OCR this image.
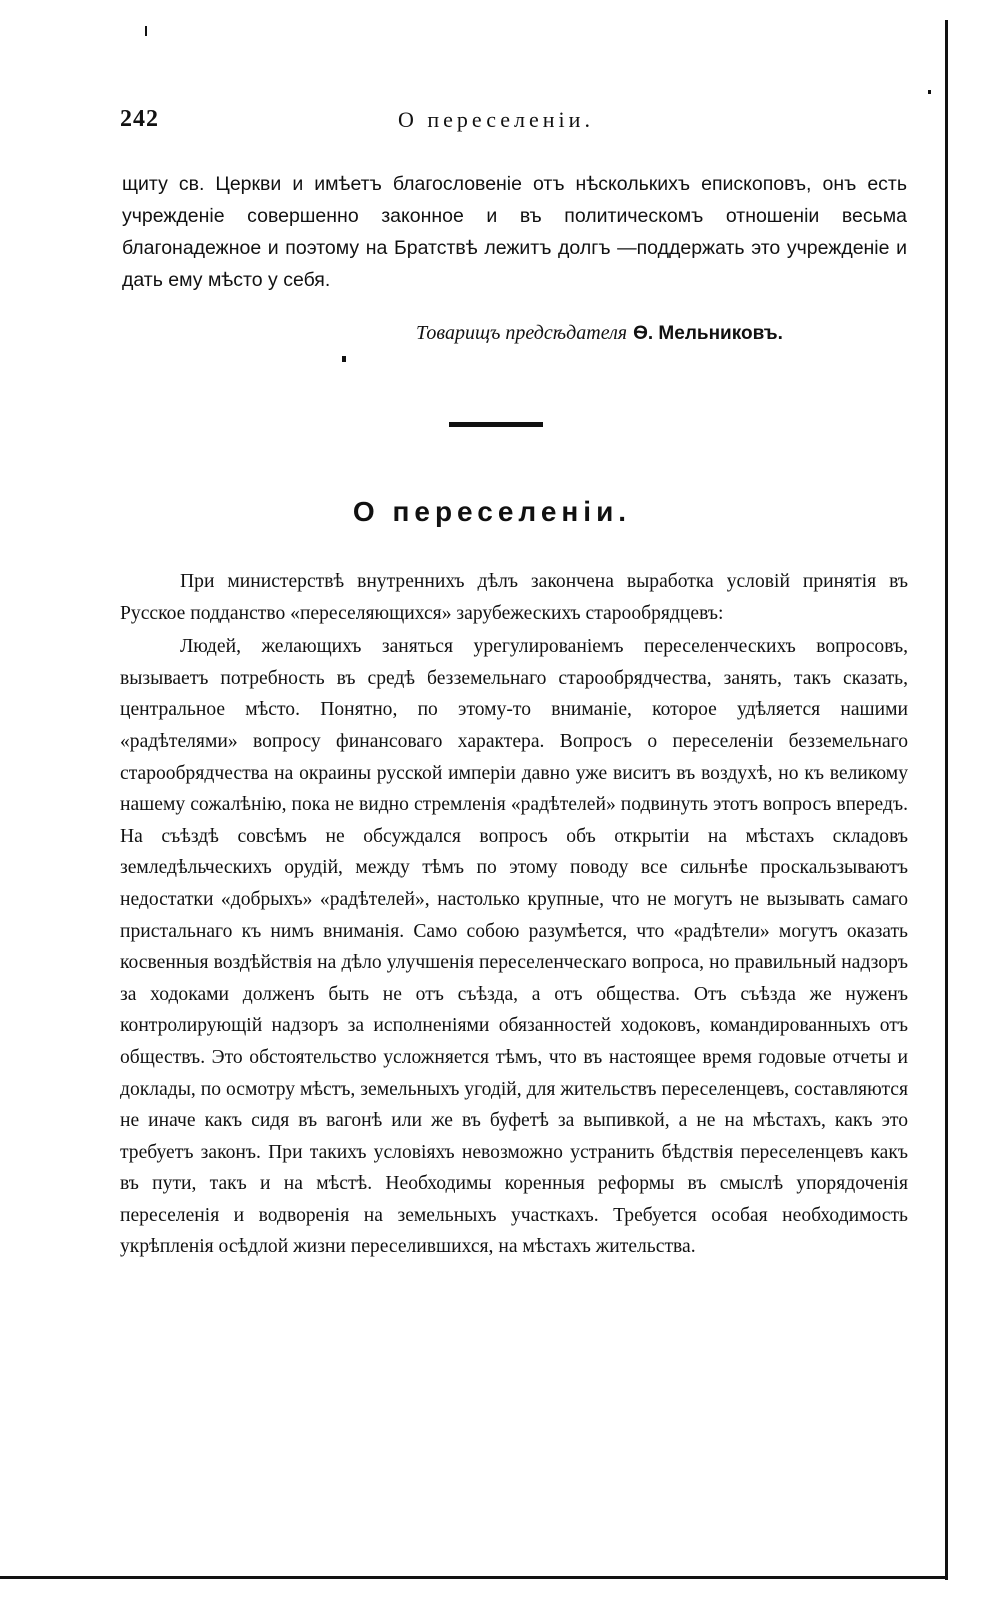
242	О переселеніи.
щиту св. Церкви и имѣетъ благословеніе отъ нѣсколькихъ епископовъ, онъ есть учрежденіе совершенно законное и въ политическомъ отношеніи весьма благонадежное и поэтому на Братствѣ лежитъ долгъ —поддержать это учрежденіе и дать ему мѣсто у себя.
Товарищъ предсѣдателя Ѳ. Мельниковъ.
О переселеніи.

При министерствѣ внутреннихъ дѣлъ закончена выработка условій принятія въ Русское подданство «переселяющихся» зарубежескихъ старообрядцевъ:

Людей, желающихъ заняться урегулированіемъ переселенческихъ вопросовъ, вызываетъ потребность въ средѣ безземельнаго старообрядчества, занять, такъ сказать, центральное мѣсто. Понятно, по этому-то вниманіе, которое удѣляется нашими «радѣтелями» вопросу финансоваго характера. Вопросъ о переселеніи безземельнаго старообрядчества на окраины русской имперіи давно уже виситъ въ воздухѣ, но къ великому нашему сожалѣнію, пока не видно стремленія «радѣтелей» подвинуть этотъ вопросъ впередъ. На съѣздѣ совсѣмъ не обсуждался вопросъ объ открытіи на мѣстахъ складовъ земледѣльческихъ орудій, между тѣмъ по этому поводу все сильнѣе проскальзываютъ недостатки «добрыхъ» «радѣтелей», настолько крупные, что не могутъ не вызывать самаго пристальнаго къ нимъ вниманія. Само собою разумѣется, что «радѣтели» могутъ оказать косвенныя воздѣйствія на дѣло улучшенія переселенческаго вопроса, но правильный надзоръ за ходоками долженъ быть не отъ съѣзда, а отъ общества. Отъ съѣзда же нуженъ контролирующій надзоръ за исполненіями обязанностей ходоковъ, командированныхъ отъ обществъ. Это обстоятельство усложняется тѣмъ, что въ настоящее время годовые отчеты и доклады, по осмотру мѣстъ, земельныхъ угодій, для жительствъ переселенцевъ, составляются не иначе какъ сидя въ вагонѣ или же въ буфетѣ за выпивкой, а не на мѣстахъ, какъ это требуетъ законъ. При такихъ условіяхъ невозможно устранить бѣдствія переселенцевъ какъ въ пути, такъ и на мѣстѣ. Необходимы коренныя реформы въ смыслѣ упорядоченія переселенія и водворенія на земельныхъ участкахъ. Требуется особая необходимость укрѣпленія осѣдлой жизни переселившихся, на мѣстахъ жительства.
